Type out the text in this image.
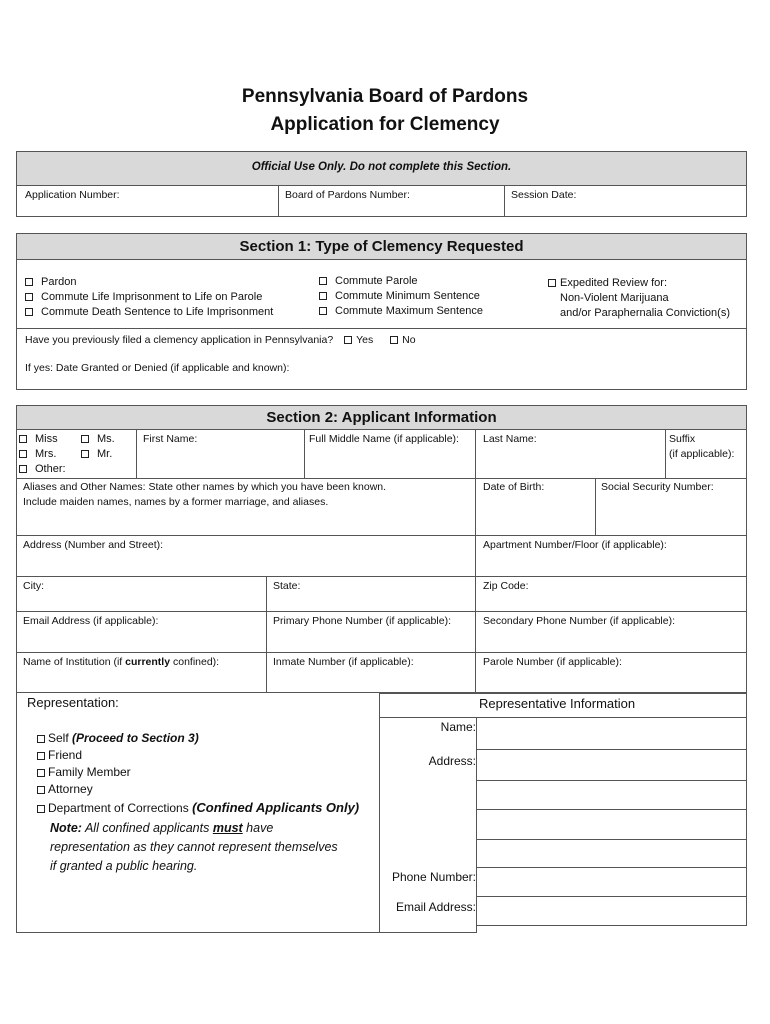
Pennsylvania Board of Pardons
Application for Clemency
Official Use Only. Do not complete this Section.
Application Number:	Board of Pardons Number:	Session Date:
Section 1: Type of Clemency Requested
Pardon
Commute Life Imprisonment to Life on Parole
Commute Death Sentence to Life Imprisonment
Commute Parole
Commute Minimum Sentence
Commute Maximum Sentence
Expedited Review for:
Non-Violent Marijuana
and/or Paraphernalia Conviction(s)
Have you previously filed a clemency application in Pennsylvania? Yes	No
If yes: Date Granted or Denied (if applicable and known):
Section 2: Applicant Information
Miss	Ms.
Mrs.	Mr.
Other:
First Name:	Full Middle Name (if applicable): Last Name:	Suffix
(if applicable):
Aliases and Other Names: State other names by which you have been known.
Include maiden names, names by a former marriage, and aliases.
Date of Birth:	Social Security Number:
Address (Number and Street):	Apartment Number/Floor (if applicable):
City:	State:	Zip Code:
Email Address (if applicable):	Primary Phone Number (if applicable):	Secondary Phone Number (if applicable):
Name of Institution (if currently confined):	Inmate Number (if applicable):	Parole Number (if applicable):
Representation:
Self (Proceed to Section 3)
Friend
Family Member
Attorney
Department of Corrections (Confined Applicants Only)
Note: All confined applicants must have
representation as they cannot represent themselves
if granted a public hearing.
Representative Information
Name:
Address:
Phone Number:
Email Address:
